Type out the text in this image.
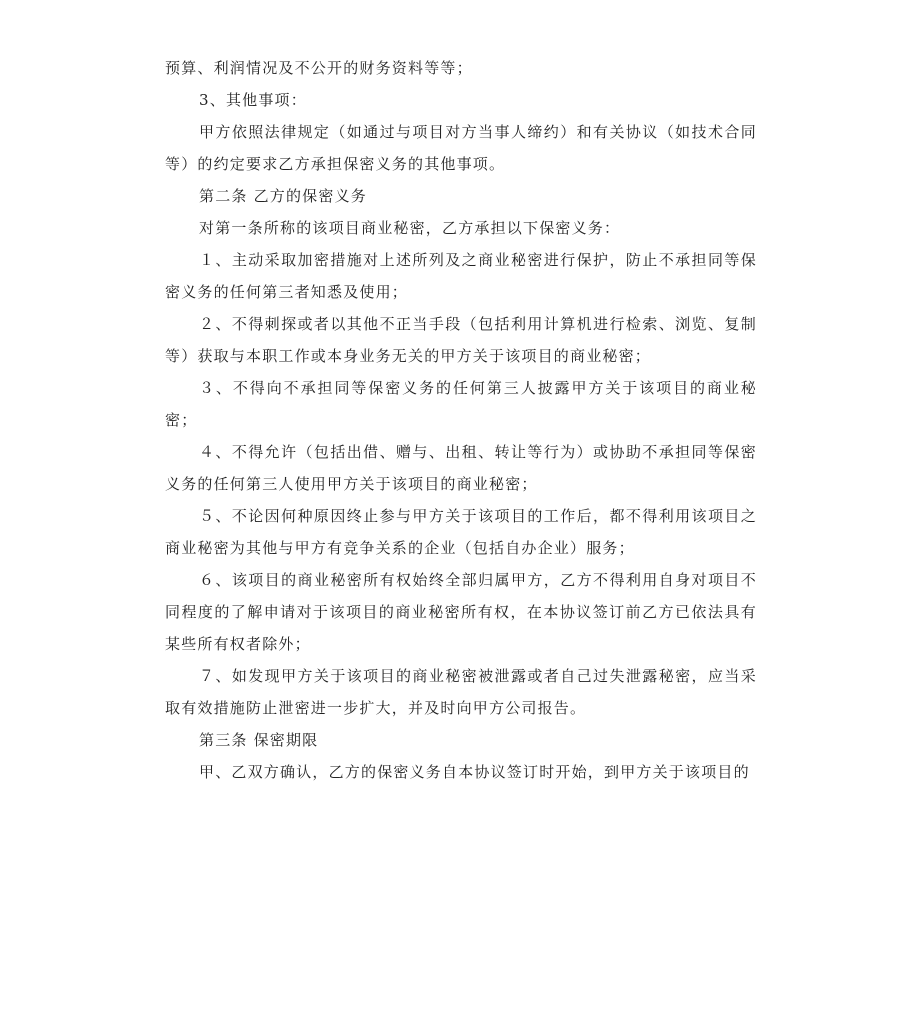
预算、利润情况及不公开的财务资料等等；

3、其他事项：

甲方依照法律规定（如通过与项目对方当事人缔约）和有关协议（如技术合同等）的约定要求乙方承担保密义务的其他事项。

第二条 乙方的保密义务

对第一条所称的该项目商业秘密，乙方承担以下保密义务：

１、主动采取加密措施对上述所列及之商业秘密进行保护，防止不承担同等保密义务的任何第三者知悉及使用；

２、不得刺探或者以其他不正当手段（包括利用计算机进行检索、浏览、复制等）获取与本职工作或本身业务无关的甲方关于该项目的商业秘密；

３、不得向不承担同等保密义务的任何第三人披露甲方关于该项目的商业秘密；

４、不得允许（包括出借、赠与、出租、转让等行为）或协助不承担同等保密义务的任何第三人使用甲方关于该项目的商业秘密；

５、不论因何种原因终止参与甲方关于该项目的工作后，都不得利用该项目之商业秘密为其他与甲方有竞争关系的企业（包括自办企业）服务；

６、该项目的商业秘密所有权始终全部归属甲方，乙方不得利用自身对项目不同程度的了解申请对于该项目的商业秘密所有权，在本协议签订前乙方已依法具有某些所有权者除外；

７、如发现甲方关于该项目的商业秘密被泄露或者自己过失泄露秘密，应当采取有效措施防止泄密进一步扩大，并及时向甲方公司报告。

第三条 保密期限

甲、乙双方确认，乙方的保密义务自本协议签订时开始，到甲方关于该项目的
